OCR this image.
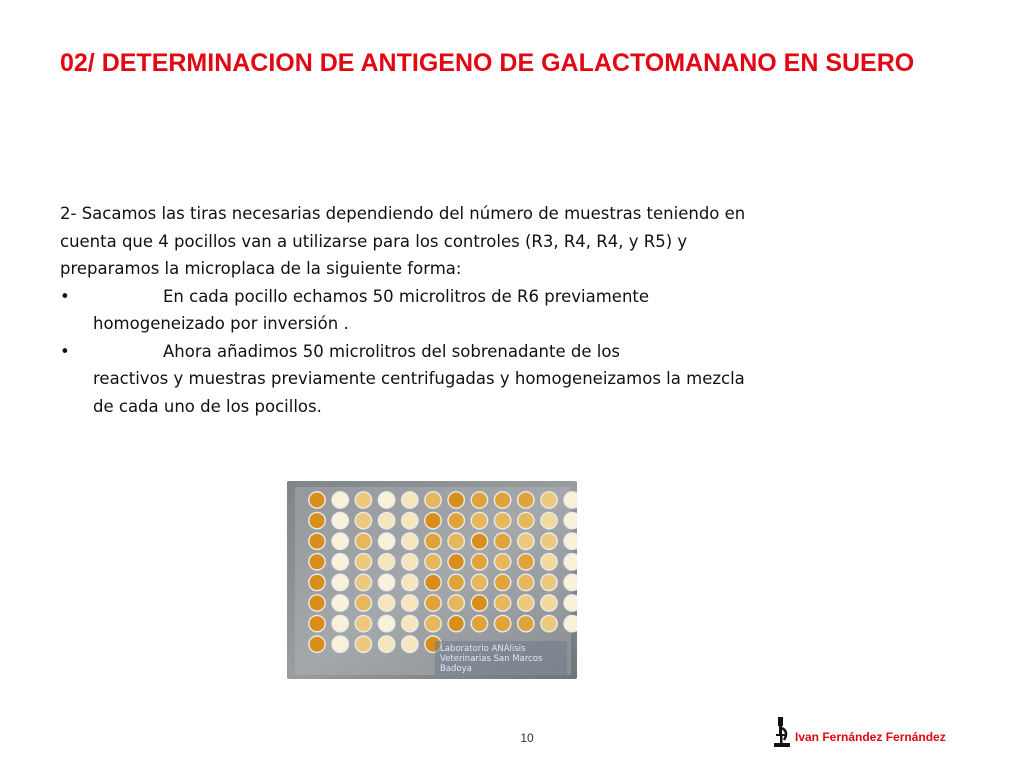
02/ DETERMINACION DE ANTIGENO DE GALACTOMANANO EN SUERO

2- Sacamos las tiras necesarias dependiendo del número de muestras teniendo en cuenta que 4 pocillos van a utilizarse para los controles (R3, R4, R4, y R5) y preparamos la microplaca de la siguiente forma:

•	En cada pocillo echamos 50 microlitros de R6 previamente
homogeneizado por inversión .

•	Ahora añadimos 50 microlitros del sobrenadante de los
reactivos y muestras previamente centrifugadas y homogeneizamos la mezcla de cada uno de los pocillos.

Laboratorio ANÁlisis
Veterinarias San Marcos
Badoya
10	Ivan Fernández Fernández
